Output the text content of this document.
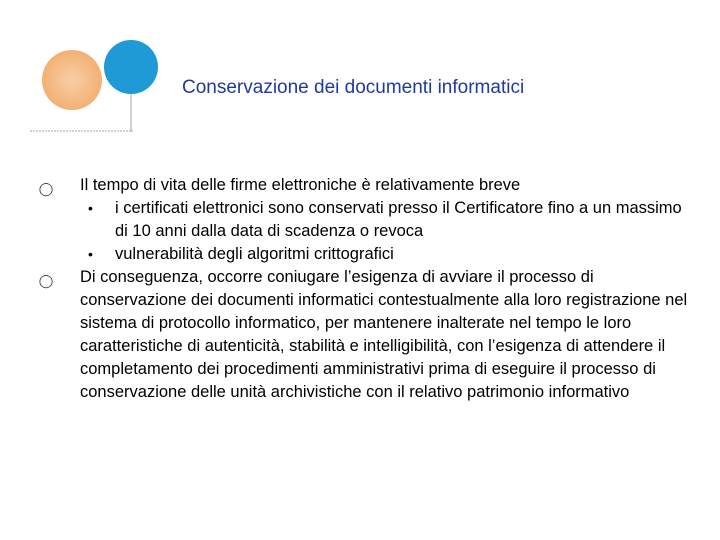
Conservazione dei documenti informatici
◯ Il tempo di vita delle firme elettroniche è relativamente breve
• i certificati elettronici sono conservati presso il Certificatore fino a un massimo di 10 anni dalla data di scadenza o revoca
• vulnerabilità degli algoritmi crittografici
◯ Di conseguenza, occorre coniugare l’esigenza di avviare il processo di conservazione dei documenti informatici contestualmente alla loro registrazione nel sistema di protocollo informatico, per mantenere inalterate nel tempo le loro caratteristiche di autenticità, stabilità e intelligibilità, con l’esigenza di attendere il completamento dei procedimenti amministrativi prima di eseguire il processo di conservazione delle unità archivistiche con il relativo patrimonio informativo
